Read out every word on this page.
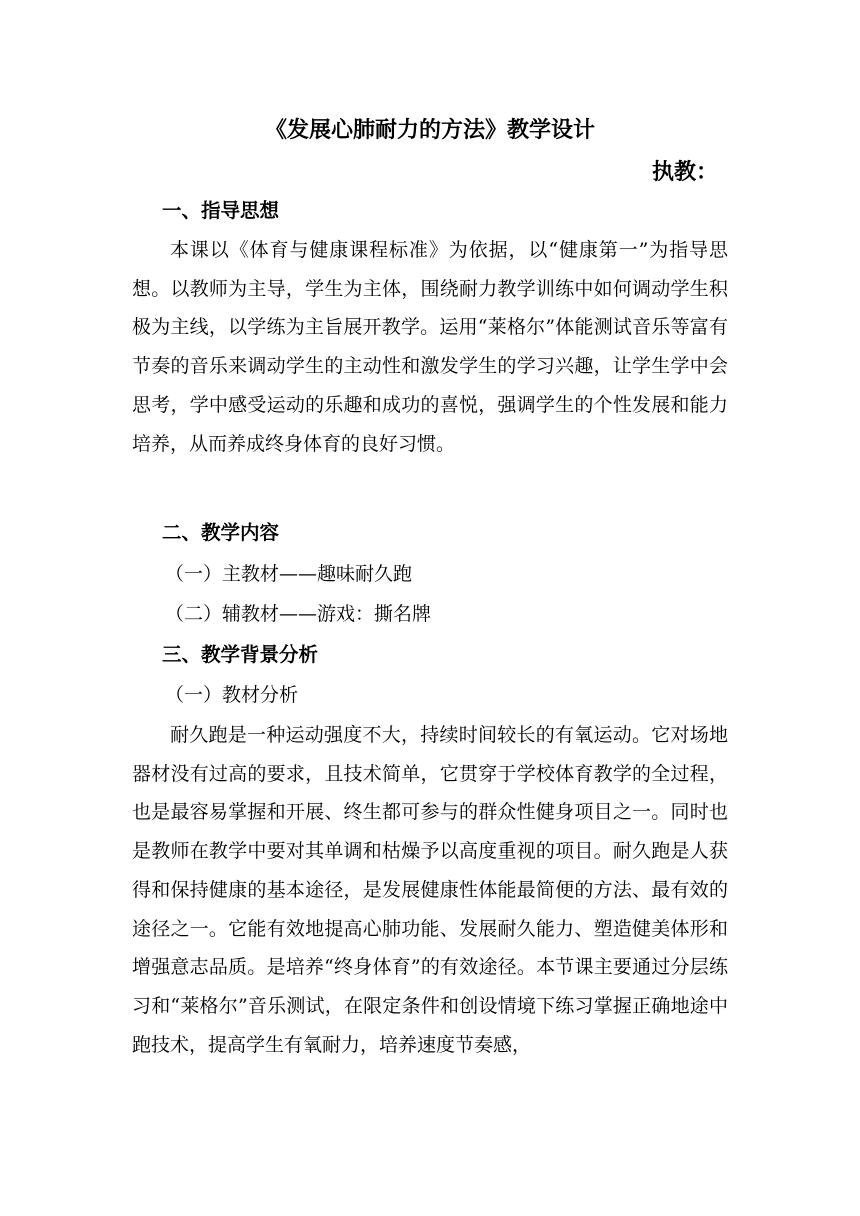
《发展心肺耐力的方法》教学设计
执教：
一、指导思想

本课以《体育与健康课程标准》为依据，以“健康第一”为指导思想。以教师为主导，学生为主体，围绕耐力教学训练中如何调动学生积极为主线，以学练为主旨展开教学。运用“莱格尔”体能测试音乐等富有节奏的音乐来调动学生的主动性和激发学生的学习兴趣，让学生学中会思考，学中感受运动的乐趣和成功的喜悦，强调学生的个性发展和能力培养，从而养成终身体育的良好习惯。

二、教学内容

（一）主教材——趣味耐久跑

（二）辅教材——游戏：撕名牌

三、教学背景分析

（一）教材分析

耐久跑是一种运动强度不大，持续时间较长的有氧运动。它对场地器材没有过高的要求，且技术简单，它贯穿于学校体育教学的全过程，也是最容易掌握和开展、终生都可参与的群众性健身项目之一。同时也是教师在教学中要对其单调和枯燥予以高度重视的项目。耐久跑是人获得和保持健康的基本途径，是发展健康性体能最简便的方法、最有效的途径之一。它能有效地提高心肺功能、发展耐久能力、塑造健美体形和增强意志品质。是培养“终身体育”的有效途径。本节课主要通过分层练习和“莱格尔”音乐测试，在限定条件和创设情境下练习掌握正确地途中跑技术，提高学生有氧耐力，培养速度节奏感，
